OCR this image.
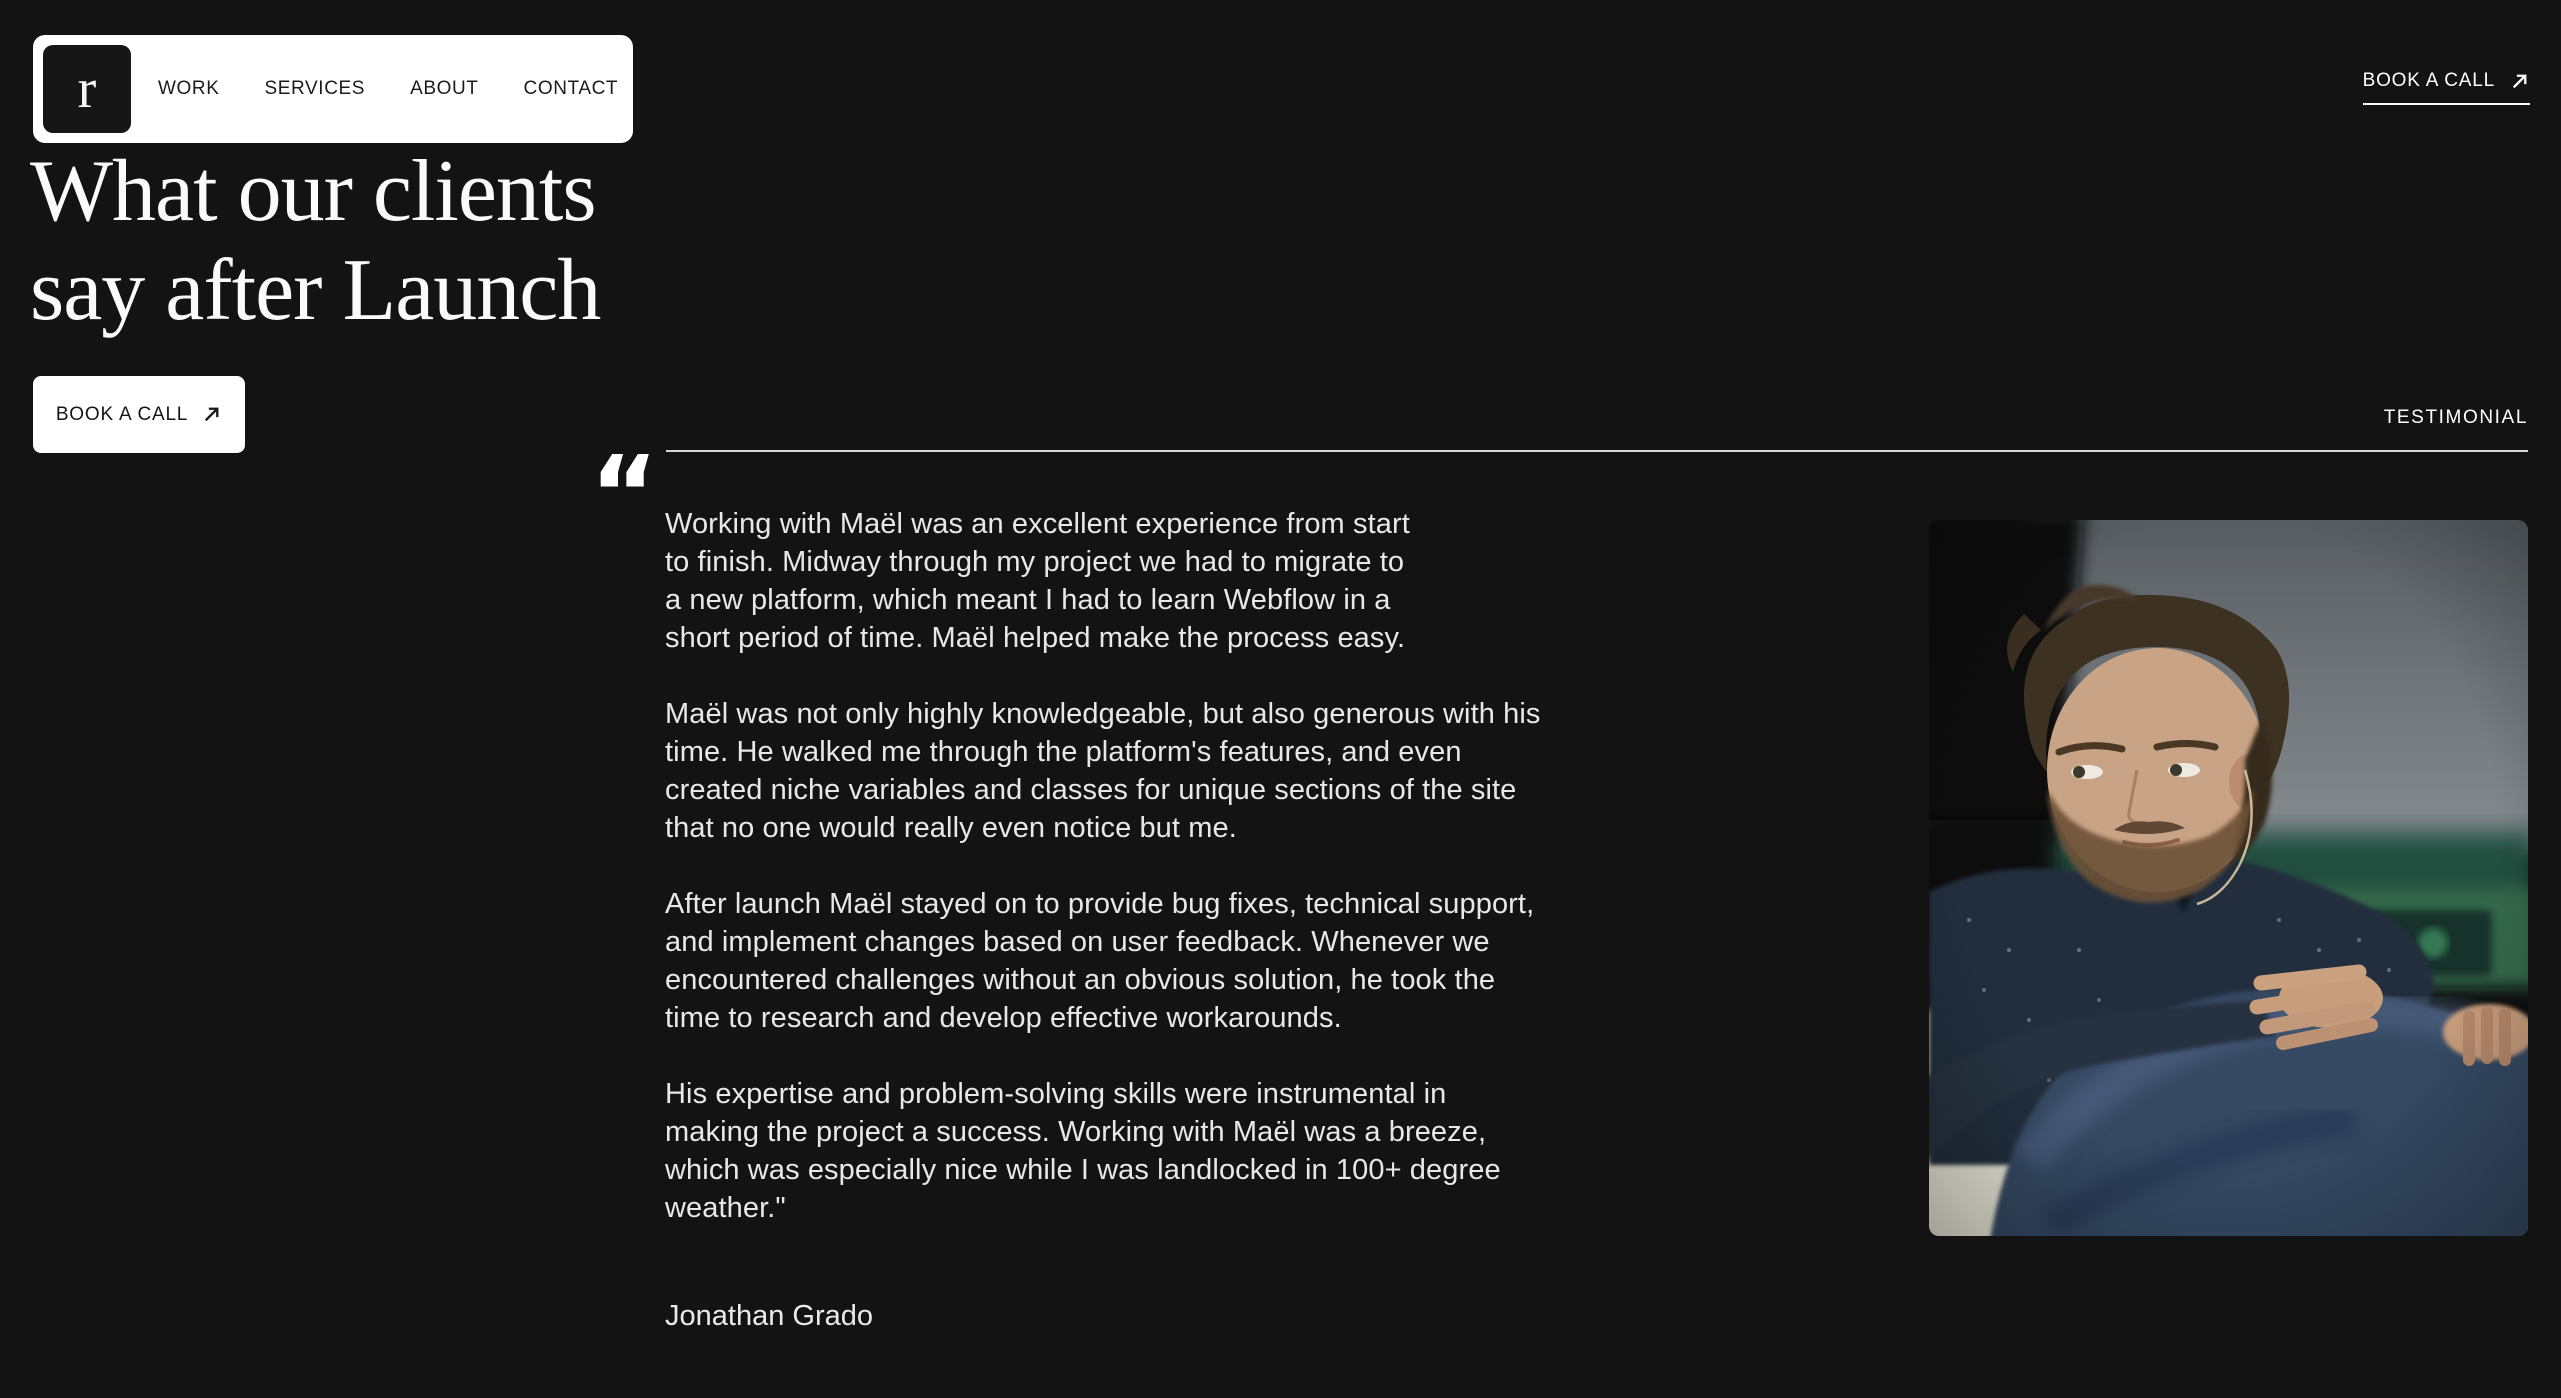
r	WORK SERVICES ABOUT CONTACT	BOOK A CALL
What our clients
say after Launch
BOOK A CALL	TESTIMONIAL
“ Working with Maël was an excellent experience from start
to finish. Midway through my project we had to migrate to
a new platform, which meant I had to learn Webflow in a
short period of time. Maël helped make the process easy.

Maël was not only highly knowledgeable, but also generous with his
time. He walked me through the platform's features, and even
created niche variables and classes for unique sections of the site
that no one would really even notice but me.

After launch Maël stayed on to provide bug fixes, technical support,
and implement changes based on user feedback. Whenever we
encountered challenges without an obvious solution, he took the
time to research and develop effective workarounds.

His expertise and problem-solving skills were instrumental in
making the project a success. Working with Maël was a breeze,
which was especially nice while I was landlocked in 100+ degree
weather."

Jonathan Grado
